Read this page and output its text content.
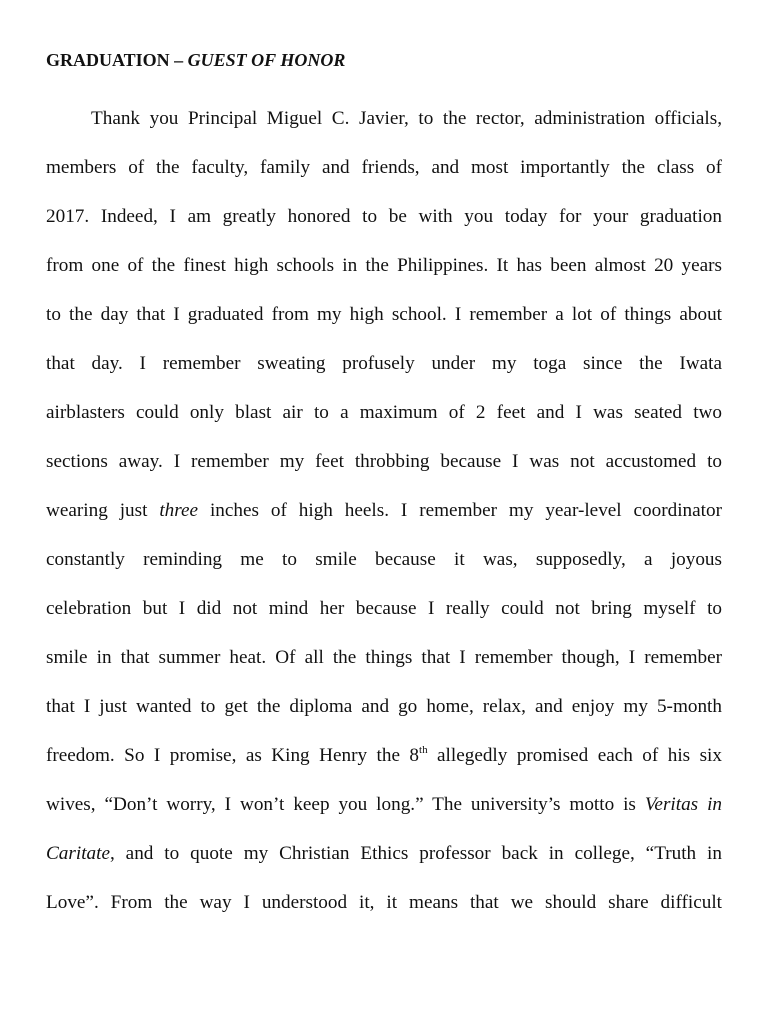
GRADUATION – GUEST OF HONOR
Thank you Principal Miguel C. Javier, to the rector, administration officials,
members of the faculty, family and friends, and most importantly the class of
2017. Indeed, I am greatly honored to be with you today for your graduation
from one of the finest high schools in the Philippines. It has been almost 20 years
to the day that I graduated from my high school. I remember a lot of things about
that day. I remember sweating profusely under my toga since the Iwata
airblasters could only blast air to a maximum of 2 feet and I was seated two
sections away. I remember my feet throbbing because I was not accustomed to
wearing just three inches of high heels. I remember my year-level coordinator
constantly reminding me to smile because it was, supposedly, a joyous
celebration but I did not mind her because I really could not bring myself to
smile in that summer heat. Of all the things that I remember though, I remember
that I just wanted to get the diploma and go home, relax, and enjoy my 5-month
freedom. So I promise, as King Henry the 8th allegedly promised each of his six
wives, “Don’t worry, I won’t keep you long.” The university’s motto is Veritas in
Caritate, and to quote my Christian Ethics professor back in college, “Truth in
Love”. From the way I understood it, it means that we should share difficult
